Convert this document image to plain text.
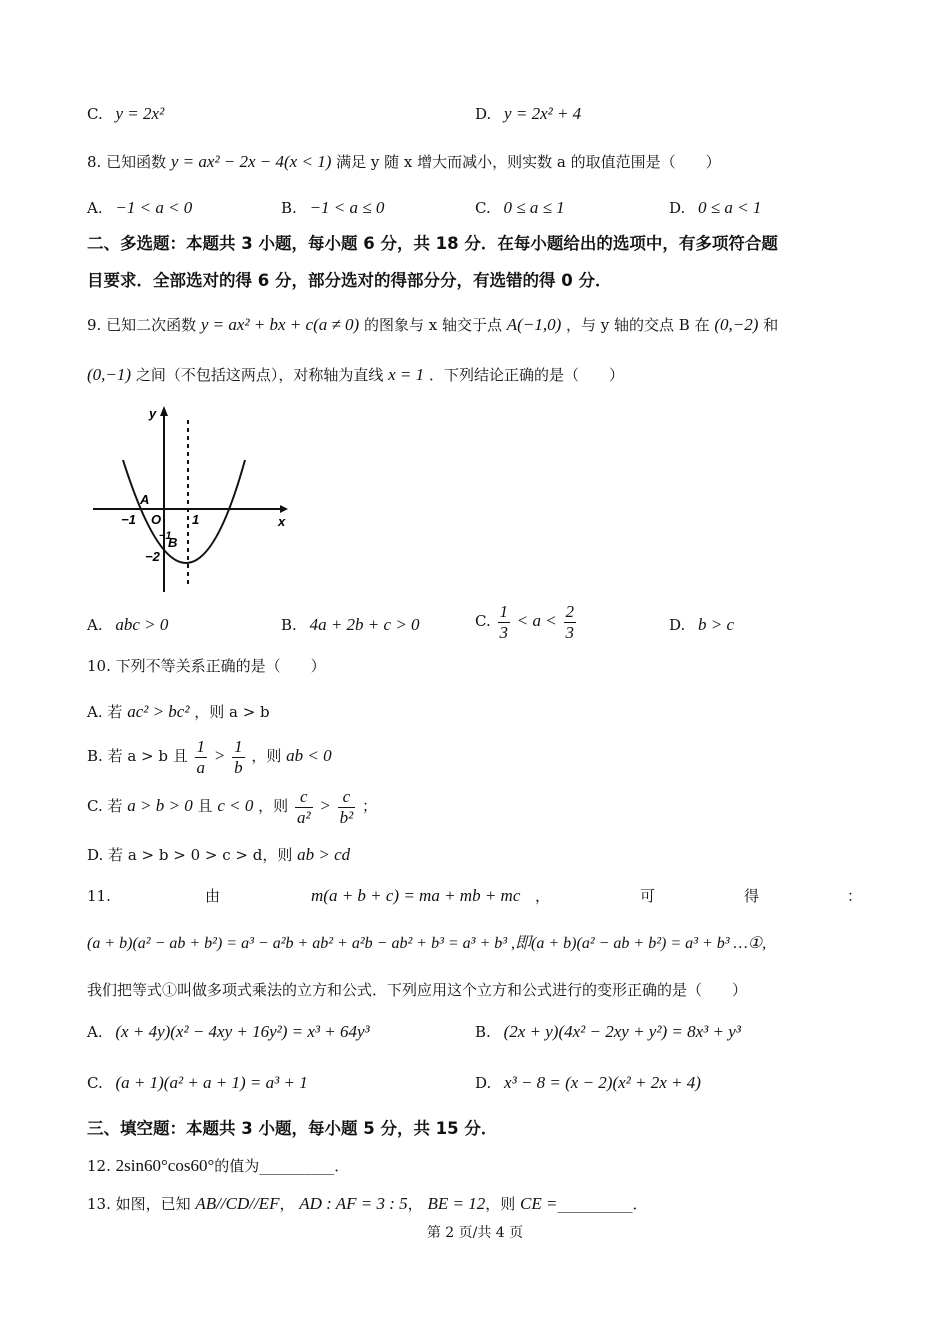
C. y = 2x²	D. y = 2x² + 4
8. 已知函数 y = ax² − 2x − 4(x < 1) 满足 y 随 x 增大而减小，则实数 a 的取值范围是（　　）
A. −1 < a < 0	B. −1 < a ≤ 0	C. 0 ≤ a ≤ 1	D. 0 ≤ a < 1
二、多选题：本题共 3 小题，每小题 6 分，共 18 分．在每小题给出的选项中，有多项符合题
目要求．全部选对的得 6 分，部分选对的得部分分，有选错的得 0 分．
9. 已知二次函数 y = ax² + bx + c(a ≠ 0) 的图象与 x 轴交于点 A(−1,0) ，与 y 轴的交点 B 在 (0,−2) 和
(0,−1) 之间（不包括这两点），对称轴为直线 x = 1 ．下列结论正确的是（　　）
x
y
O
A
B
−1	1
−2
−1
A. abc > 0	B. 4a + 2b + c > 0	C. $\frac{1}{3} < a < \frac{2}{3}$	D. b > c
10. 下列不等关系正确的是（　　）
A. 若 ac² > bc² ，则 a > b
B. 若 a > b 且 $\frac{1}{a} > \frac{1}{b}$ ，则 ab < 0
C. 若 a > b > 0 且 c < 0 ，则 $\frac{c}{\text{a²}} > \frac{c}{\text{b²}}$ ；
D. 若 a > b > 0 > c > d，则 ab > cd
11.	由	m(a + b + c) = ma + mb + mc ，	可	得	：
(a + b)(a² − ab + b²) = a³ − a²b + ab² + a²b − ab² + b³ = a³ + b³ ,即(a + b)(a² − ab + b²) = a³ + b³ …①,
我们把等式①叫做多项式乘法的立方和公式．下列应用这个立方和公式进行的变形正确的是（　　）
A. (x + 4y)(x² − 4xy + 16y²) = x³ + 64y³	B. (2x + y)(4x² − 2xy + y²) = 8x³ + y³
C. (a + 1)(a² + a + 1) = a³ + 1	D. x³ − 8 = (x − 2)(x² + 2x + 4)
三、填空题：本题共 3 小题，每小题 5 分，共 15 分．
12. 2sin60°cos60°的值为__________．
13. 如图，已知 AB//CD//EF， AD : AF = 3 : 5， BE = 12，则 CE =__________．
第 2 页/共 4 页
